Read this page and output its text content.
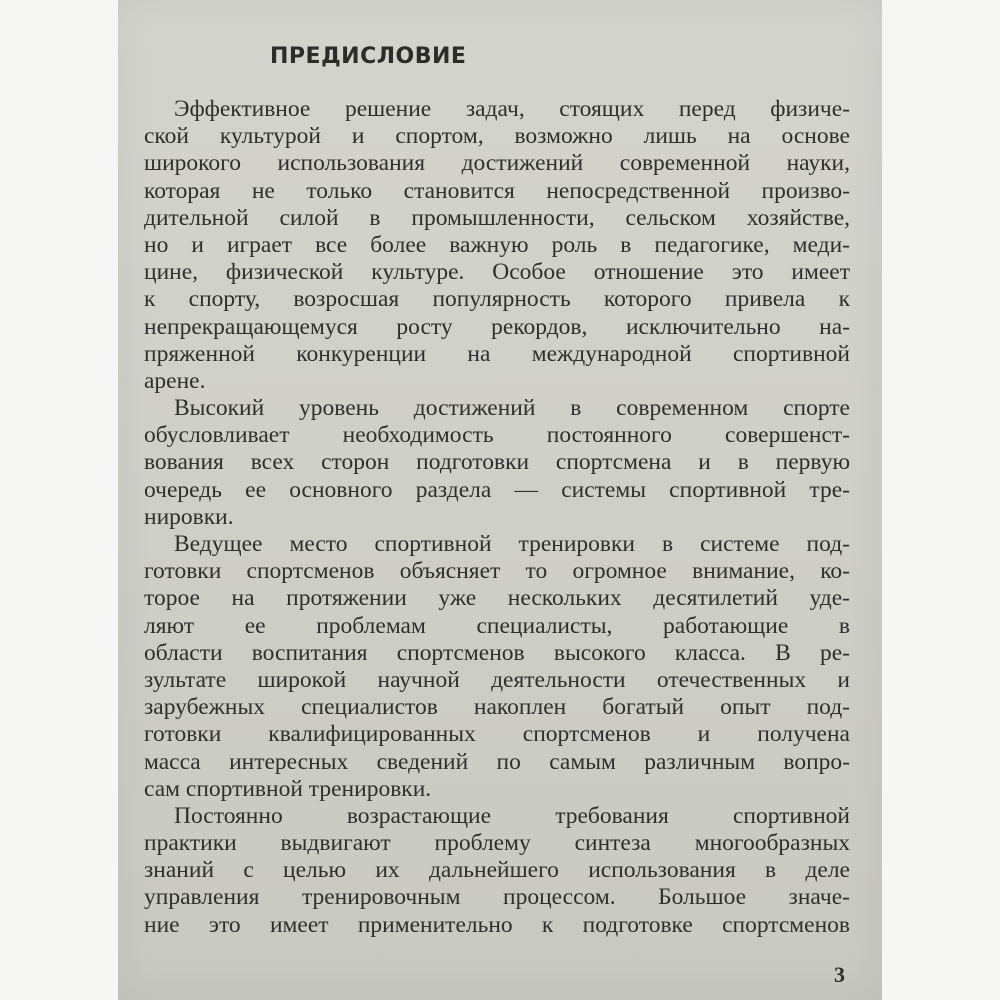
ПРЕДИСЛОВИЕ
Эффективное решение задач, стоящих перед физиче-
ской культурой и спортом, возможно лишь на основе
широкого использования достижений современной науки,
которая не только становится непосредственной произво-
дительной силой в промышленности, сельском хозяйстве,
но и играет все более важную роль в педагогике, меди-
цине, физической культуре. Особое отношение это имеет
к спорту, возросшая популярность которого привела к
непрекращающемуся росту рекордов, исключительно на-
пряженной конкуренции на международной спортивной
арене.
Высокий уровень достижений в современном спорте
обусловливает необходимость постоянного совершенст-
вования всех сторон подготовки спортсмена и в первую
очередь ее основного раздела — системы спортивной тре-
нировки.
Ведущее место спортивной тренировки в системе под-
готовки спортсменов объясняет то огромное внимание, ко-
торое на протяжении уже нескольких десятилетий уде-
ляют ее проблемам специалисты, работающие в
области воспитания спортсменов высокого класса. В ре-
зультате широкой научной деятельности отечественных и
зарубежных специалистов накоплен богатый опыт под-
готовки квалифицированных спортсменов и получена
масса интересных сведений по самым различным вопро-
сам спортивной тренировки.
Постоянно возрастающие требования спортивной
практики выдвигают проблему синтеза многообразных
знаний с целью их дальнейшего использования в деле
управления тренировочным процессом. Большое значе-
ние это имеет применительно к подготовке спортсменов
3
